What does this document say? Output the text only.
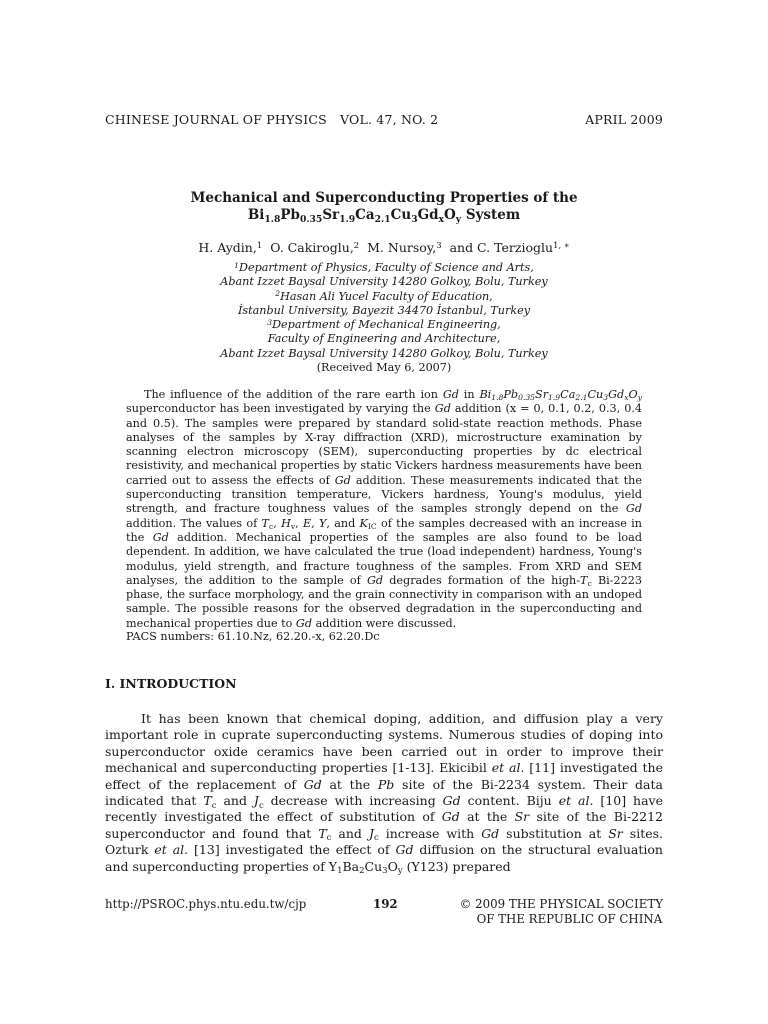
CHINESE JOURNAL OF PHYSICS VOL. 47, NO. 2	APRIL 2009
Mechanical and Superconducting Properties of the
$Bi_{1.8}Pb_{0.35}Sr_{1.9}Ca_{2.1}Cu_3Gd_xO_y$ System
H. Aydin,$^1$ O. Cakiroglu,$^2$ M. Nursoy,$^3$ and C. Terzioglu$^{1, ∗}$
$^1$Department of Physics, Faculty of Science and Arts,
Abant Izzet Baysal University 14280 Golkoy, Bolu, Turkey
$^2$Hasan Ali Yucel Faculty of Education,
İstanbul University, Bayezit 34470 İstanbul, Turkey
$^3$Department of Mechanical Engineering,
Faculty of Engineering and Architecture,
Abant Izzet Baysal University 14280 Golkoy, Bolu, Turkey
(Received May 6, 2007)

The influence of the addition of the rare earth ion Gd in $Bi_{1.8}Pb_{0.35}Sr_{1.9}Ca_{2.1}Cu_3Gd_xO_y$ superconductor has been investigated by varying the Gd addition (x = 0, 0.1, 0.2, 0.3, 0.4 and 0.5). The samples were prepared by standard solid-state reaction methods. Phase analyses of the samples by X-ray diffraction (XRD), microstructure examination by scanning electron microscopy (SEM), superconducting properties by dc electrical resistivity, and mechanical properties by static Vickers hardness measurements have been carried out to assess the effects of Gd addition. These measurements indicated that the superconducting transition temperature, Vickers hardness, Young's modulus, yield strength, and fracture toughness values of the samples strongly depend on the Gd addition. The values of $T_c$, $H_v$, E, Y, and $K_{IC}$ of the samples decreased with an increase in the Gd addition. Mechanical properties of the samples are also found to be load dependent. In addition, we have calculated the true (load independent) hardness, Young's modulus, yield strength, and fracture toughness of the samples. From XRD and SEM analyses, the addition to the sample of Gd degrades formation of the high-$T_c$ Bi-2223 phase, the surface morphology, and the grain connectivity in comparison with an undoped sample. The possible reasons for the observed degradation in the superconducting and mechanical properties due to Gd addition were discussed.

PACS numbers: 61.10.Nz, 62.20.-x, 62.20.Dc
I. INTRODUCTION

It has been known that chemical doping, addition, and diffusion play a very important role in cuprate superconducting systems. Numerous studies of doping into superconductor oxide ceramics have been carried out in order to improve their mechanical and superconducting properties [1-13]. Ekicibil et al. [11] investigated the effect of the replacement of Gd at the Pb site of the Bi-2234 system. Their data indicated that $T_c$ and $J_c$ decrease with increasing Gd content. Biju et al. [10] have recently investigated the effect of substitution of Gd at the Sr site of the Bi-2212 superconductor and found that $T_c$ and $J_c$ increase with Gd substitution at Sr sites. Ozturk et al. [13] investigated the effect of Gd diffusion on the structural evaluation and superconducting properties of $Y_1Ba_2Cu_3O_y$ (Y123) prepared

http://PSROC.phys.ntu.edu.tw/cjp	192	© 2009 THE PHYSICAL SOCIETY
OF THE REPUBLIC OF CHINA
